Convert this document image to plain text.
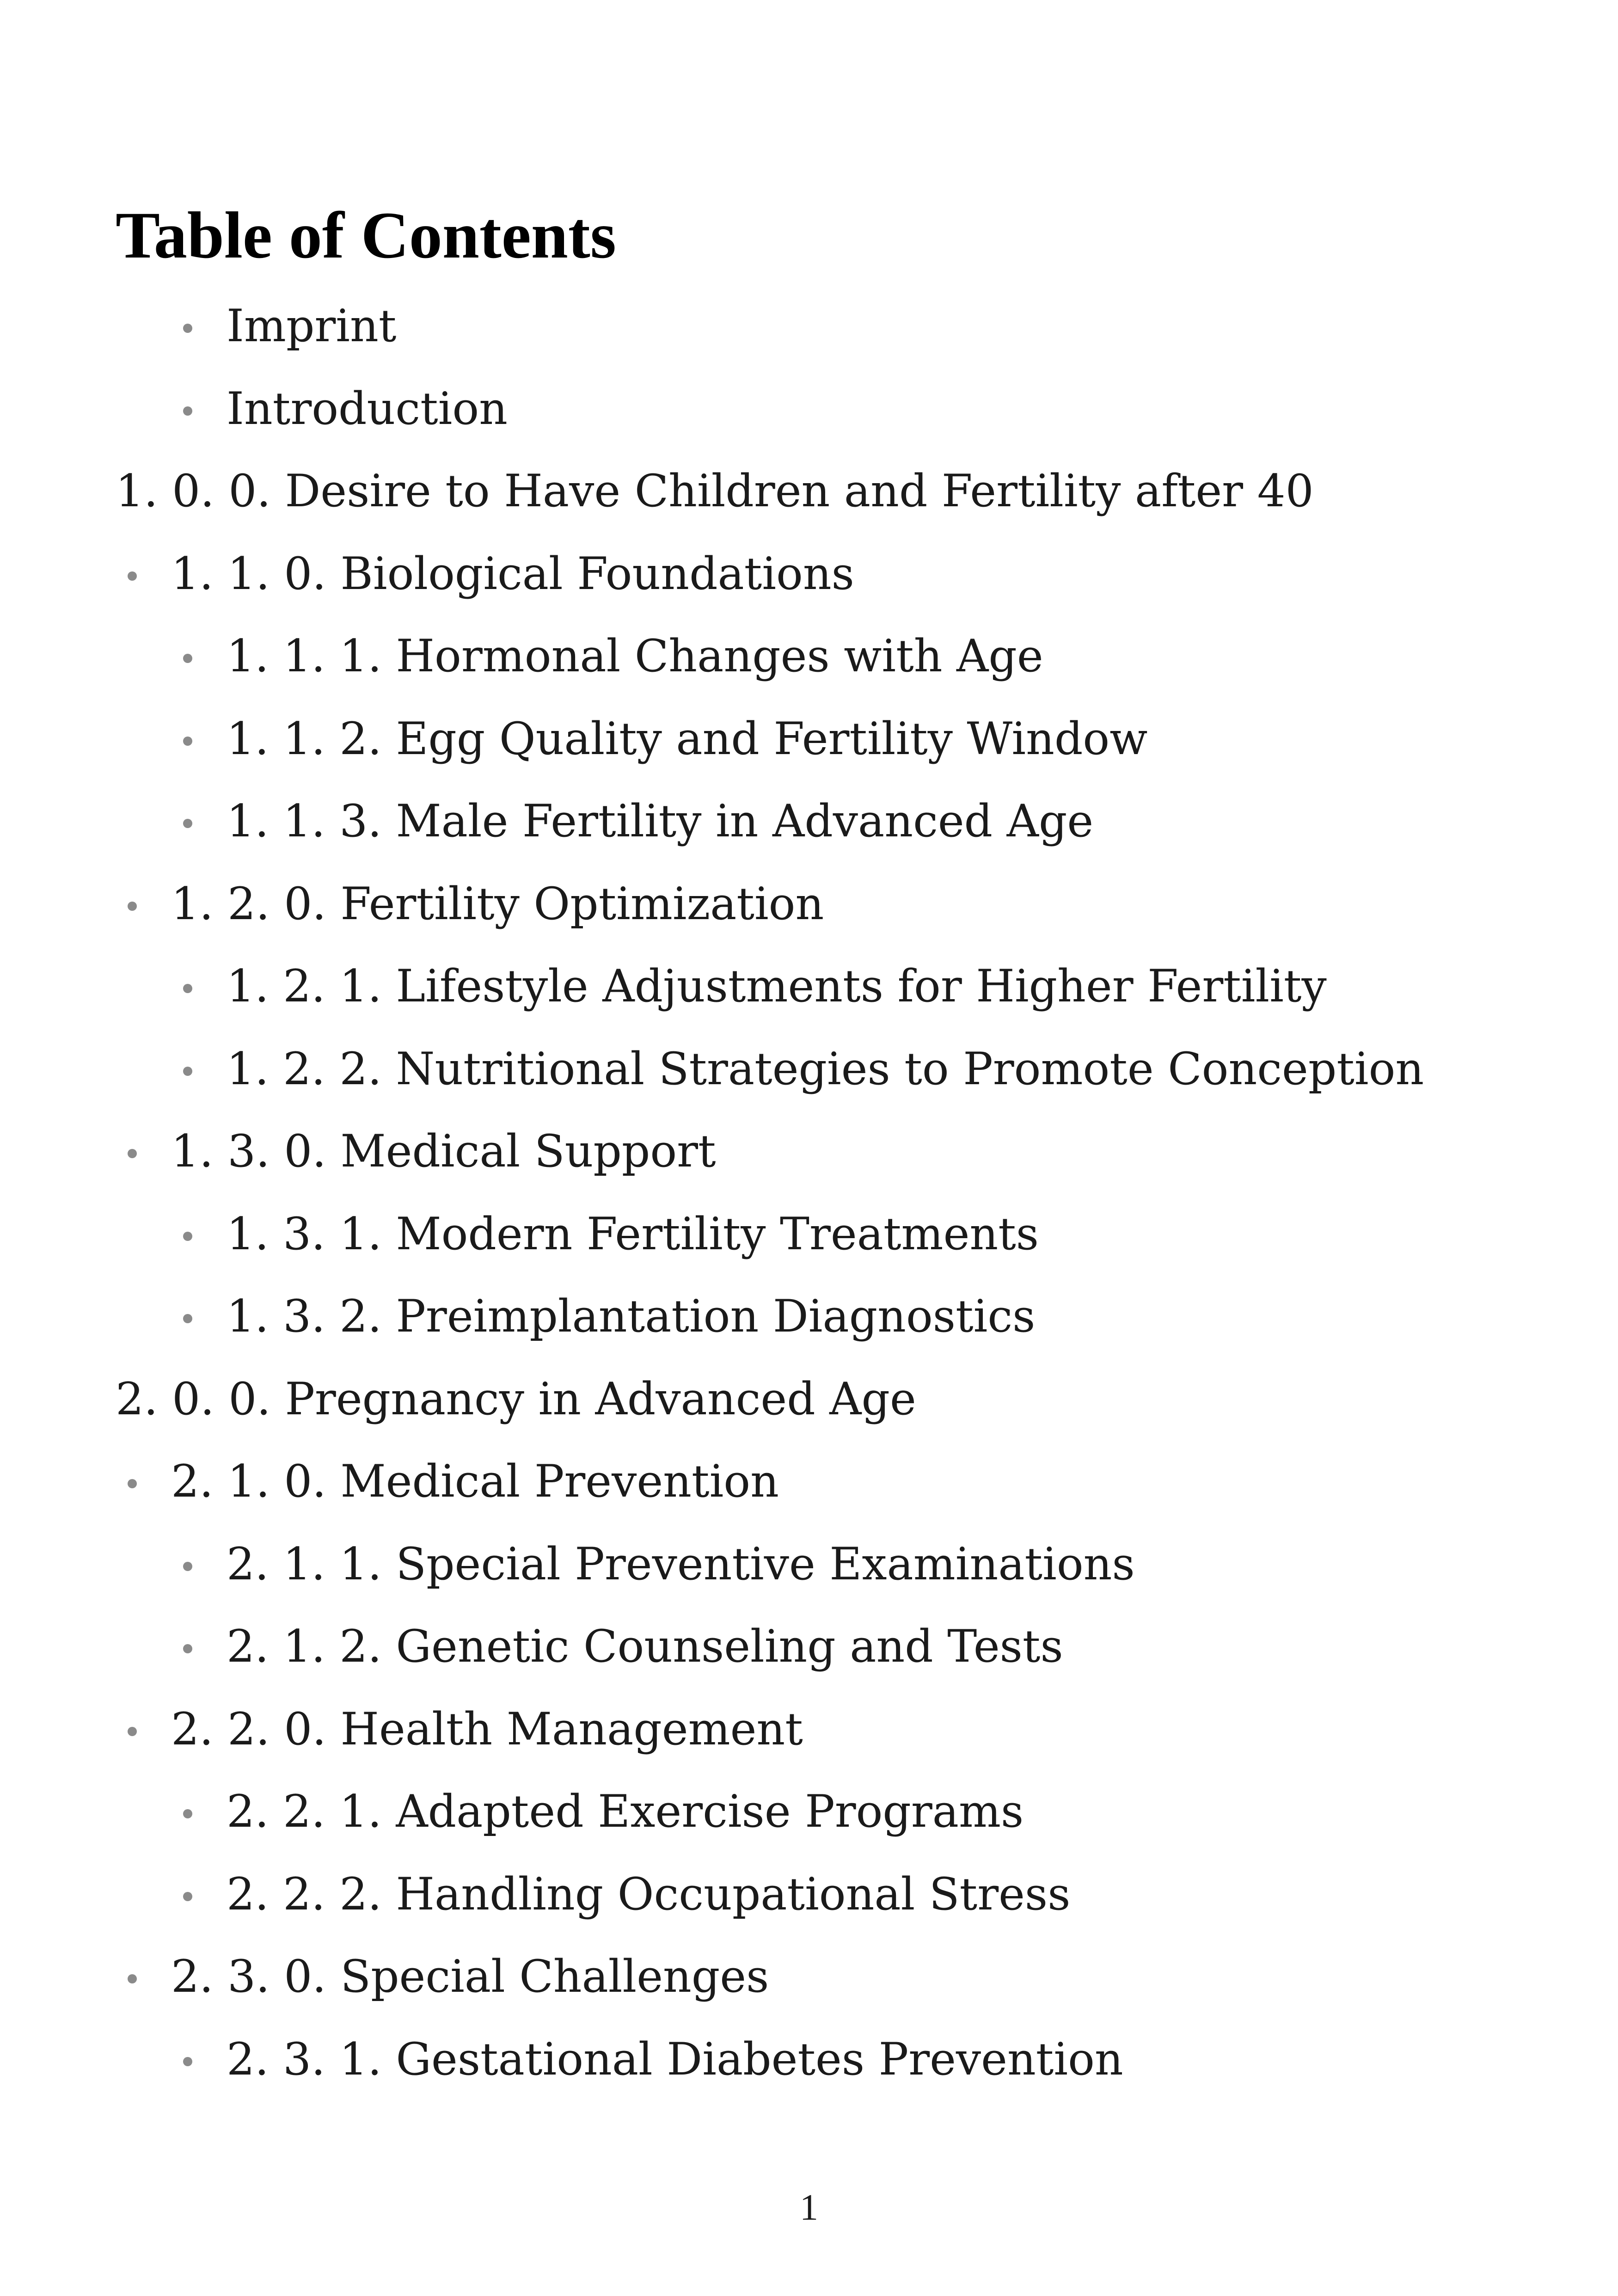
Table of Contents
Imprint
Introduction
1. 0. 0. Desire to Have Children and Fertility after 40
1. 1. 0. Biological Foundations
1. 1. 1. Hormonal Changes with Age
1. 1. 2. Egg Quality and Fertility Window
1. 1. 3. Male Fertility in Advanced Age
1. 2. 0. Fertility Optimization
1. 2. 1. Lifestyle Adjustments for Higher Fertility
1. 2. 2. Nutritional Strategies to Promote Conception
1. 3. 0. Medical Support
1. 3. 1. Modern Fertility Treatments
1. 3. 2. Preimplantation Diagnostics
2. 0. 0. Pregnancy in Advanced Age
2. 1. 0. Medical Prevention
2. 1. 1. Special Preventive Examinations
2. 1. 2. Genetic Counseling and Tests
2. 2. 0. Health Management
2. 2. 1. Adapted Exercise Programs
2. 2. 2. Handling Occupational Stress
2. 3. 0. Special Challenges
2. 3. 1. Gestational Diabetes Prevention
1
